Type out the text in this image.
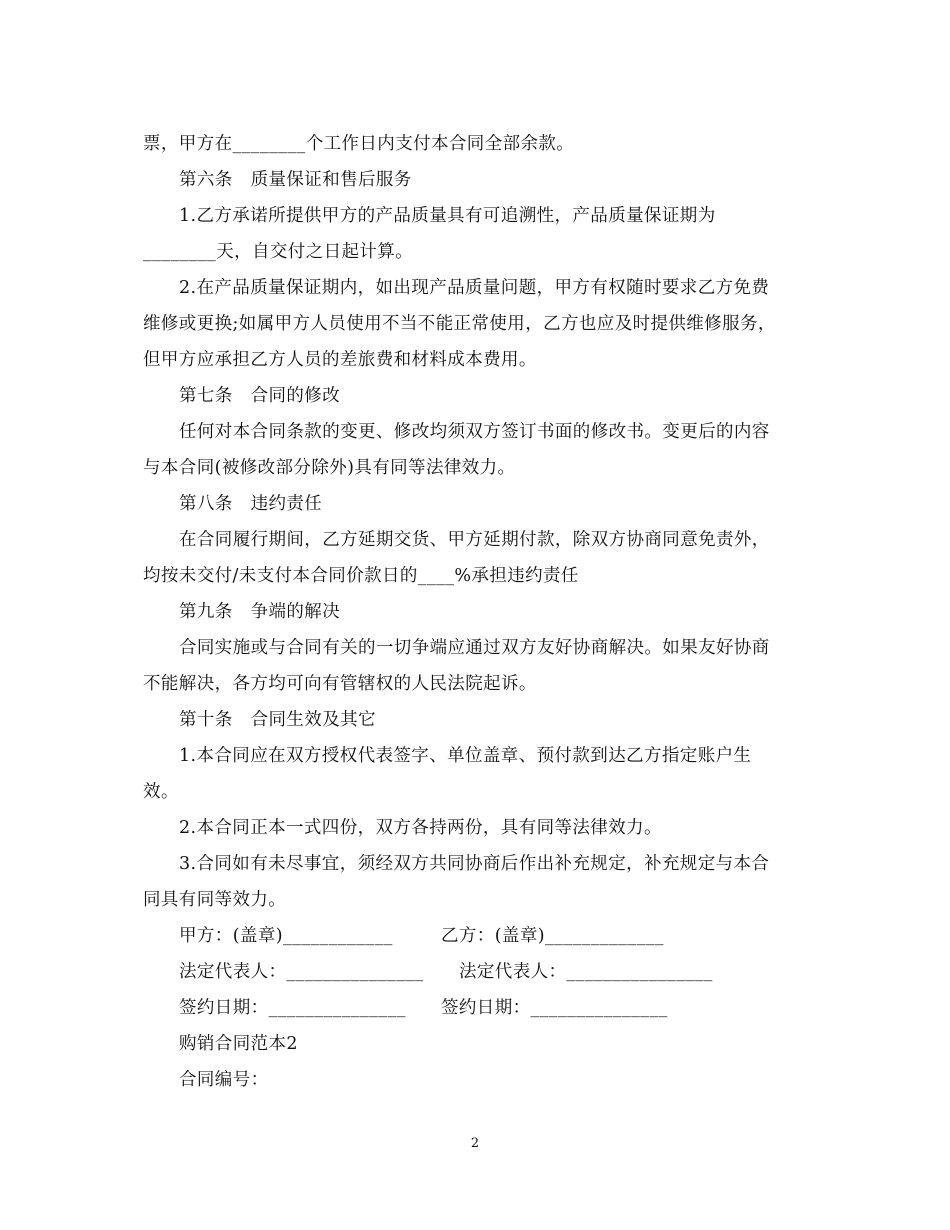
票，甲方在________个工作日内支付本合同全部余款。
第六条　质量保证和售后服务
1.乙方承诺所提供甲方的产品质量具有可追溯性，产品质量保证期为
________天，自交付之日起计算。
2.在产品质量保证期内，如出现产品质量问题，甲方有权随时要求乙方免费
维修或更换;如属甲方人员使用不当不能正常使用，乙方也应及时提供维修服务，
但甲方应承担乙方人员的差旅费和材料成本费用。
第七条　合同的修改
任何对本合同条款的变更、修改均须双方签订书面的修改书。变更后的内容
与本合同(被修改部分除外)具有同等法律效力。
第八条　违约责任
在合同履行期间，乙方延期交货、甲方延期付款，除双方协商同意免责外，
均按未交付/未支付本合同价款日的____%承担违约责任
第九条　争端的解决
合同实施或与合同有关的一切争端应通过双方友好协商解决。如果友好协商
不能解决，各方均可向有管辖权的人民法院起诉。
第十条　合同生效及其它
1.本合同应在双方授权代表签字、单位盖章、预付款到达乙方指定账户生
效。
2.本合同正本一式四份，双方各持两份，具有同等法律效力。
3.合同如有未尽事宜，须经双方共同协商后作出补充规定，补充规定与本合
同具有同等效力。
甲方：(盖章)____________	乙方：(盖章)_____________
法定代表人：_______________ 法定代表人：________________
签约日期：_______________ 签约日期：_______________
购销合同范本2
合同编号：
2
